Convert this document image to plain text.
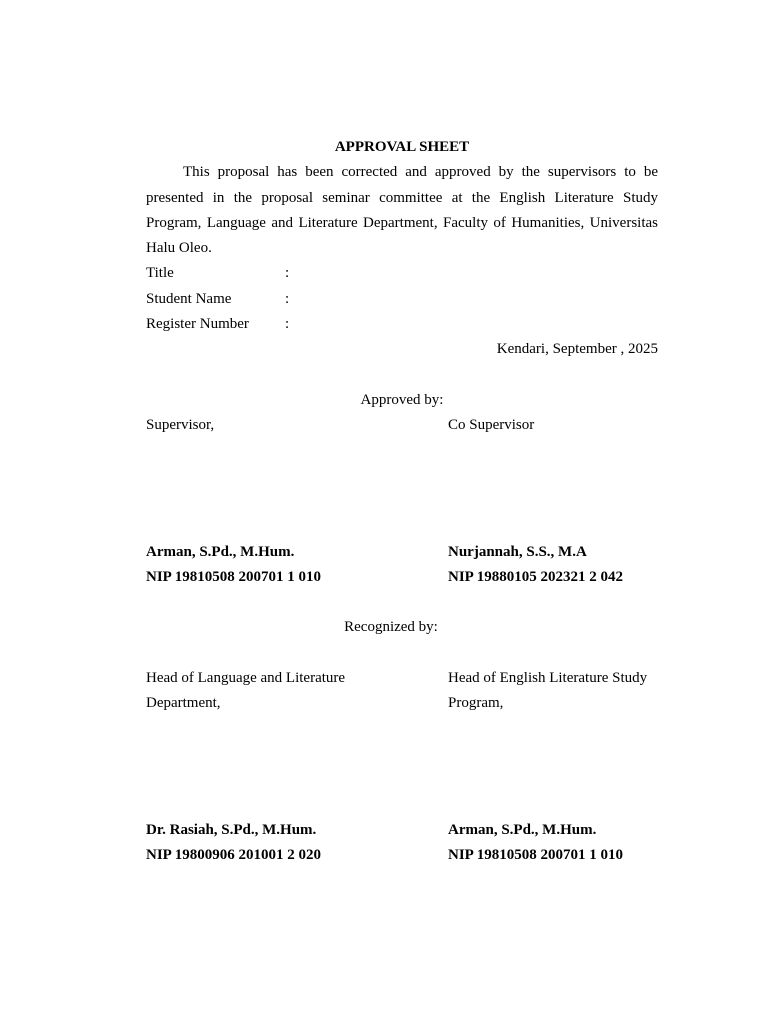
APPROVAL SHEET

This proposal has been corrected and approved by the supervisors to be presented in the proposal seminar committee at the English Literature Study Program, Language and Literature Department, Faculty of Humanities, Universitas Halu Oleo.

Title	:
Student Name	:
Register Number	:

Kendari, September , 2025

Approved by:

Supervisor,	Co Supervisor
Arman, S.Pd., M.Hum.	Nurjannah, S.S., M.A
NIP 19810508 200701 1 010	NIP 19880105 202321 2 042

Recognized by:

Head of Language and Literature	Head of English Literature Study
Department,	Program,
Dr. Rasiah, S.Pd., M.Hum.	Arman, S.Pd., M.Hum.
NIP 19800906 201001 2 020	NIP 19810508 200701 1 010
